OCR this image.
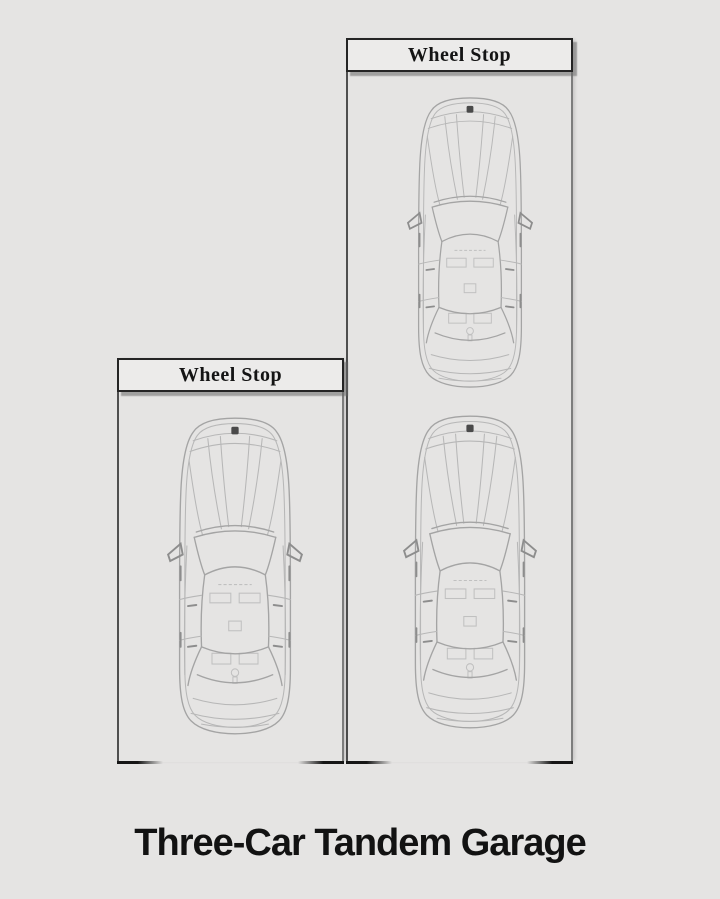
Wheel Stop
Wheel Stop
Three-Car Tandem Garage
